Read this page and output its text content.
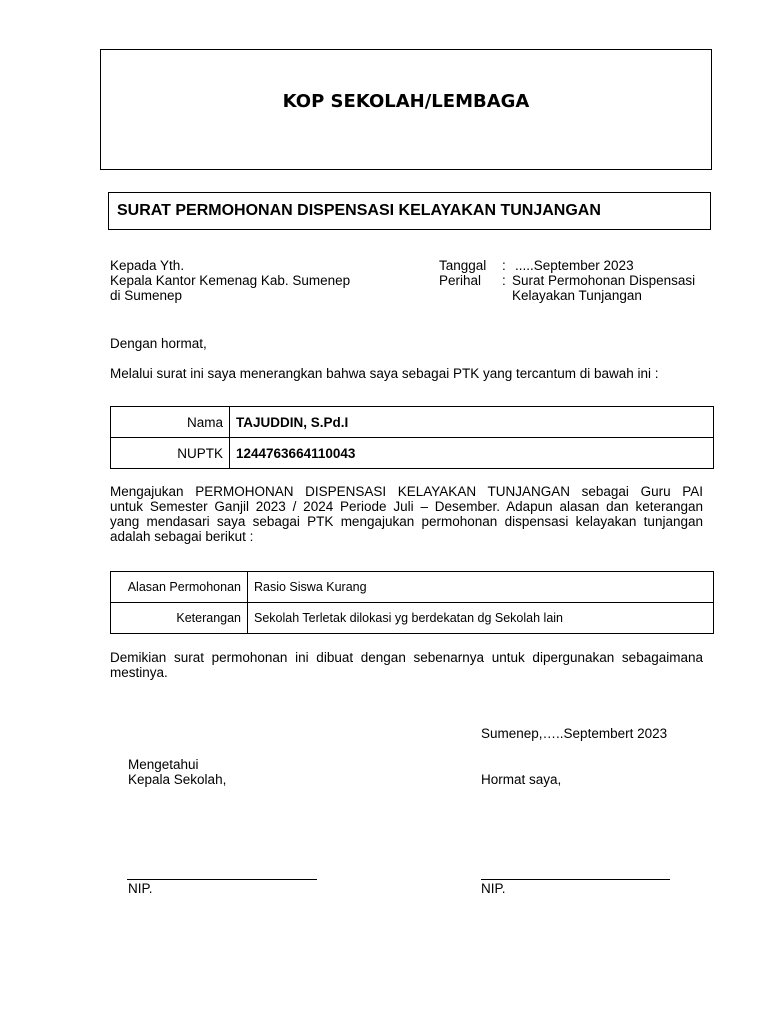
KOP SEKOLAH/LEMBAGA
SURAT PERMOHONAN DISPENSASI KELAYAKAN TUNJANGAN
Kepada Yth.
Kepala Kantor Kemenag Kab. Sumenep
di Sumenep
Tanggal : .....September 2023
Perihal : Surat Permohonan Dispensasi
Kelayakan Tunjangan
Dengan hormat,
Melalui surat ini saya menerangkan bahwa saya sebagai PTK yang tercantum di bawah ini :
Nama	TAJUDDIN, S.Pd.I
NUPTK	1244763664110043
Mengajukan PERMOHONAN DISPENSASI KELAYAKAN TUNJANGAN sebagai Guru PAI
untuk Semester Ganjil 2023 / 2024 Periode Juli – Desember. Adapun alasan dan keterangan
yang mendasari saya sebagai PTK mengajukan permohonan dispensasi kelayakan tunjangan
adalah sebagai berikut :
Alasan Permohonan	Rasio Siswa Kurang
Keterangan	Sekolah Terletak dilokasi yg berdekatan dg Sekolah lain
Demikian surat permohonan ini dibuat dengan sebenarnya untuk dipergunakan sebagaimana
mestinya.
Sumenep,…..Septembert 2023
Mengetahui
Kepala Sekolah,	Hormat saya,
NIP.	NIP.
